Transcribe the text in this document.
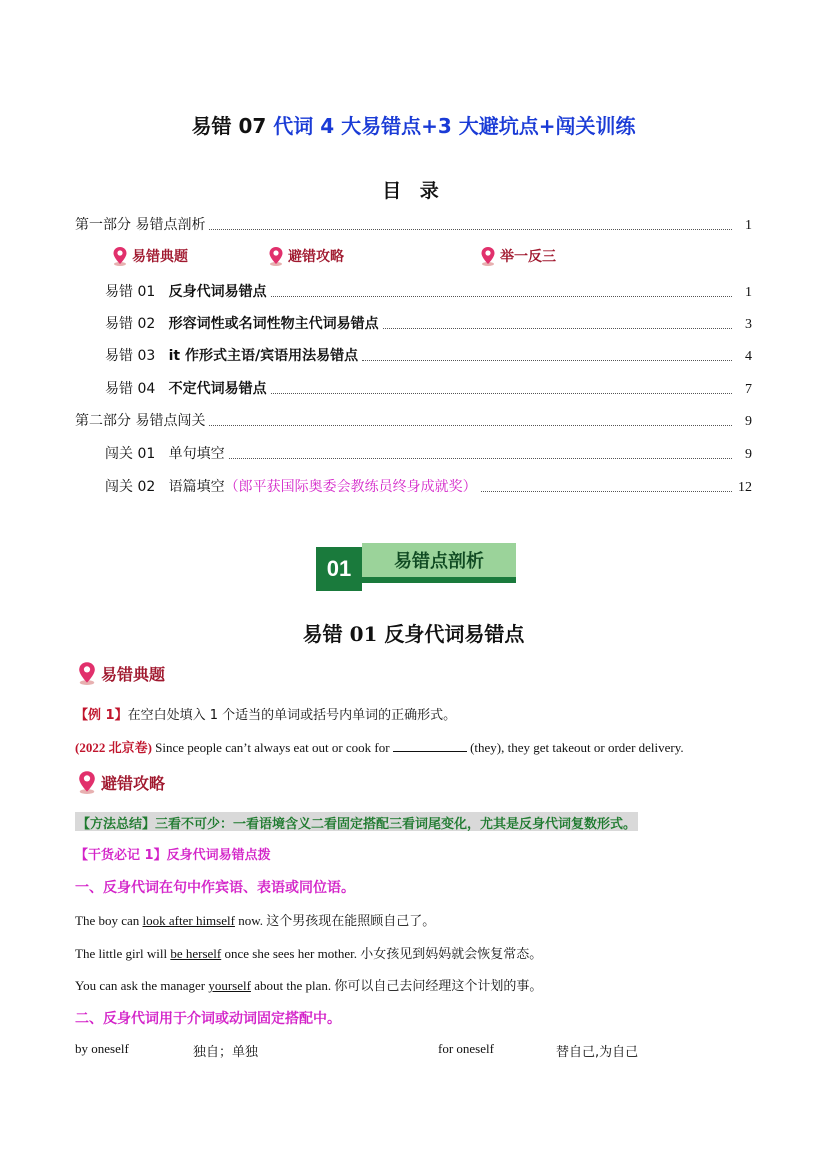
易错 07 代词 4 大易错点+3 大避坑点+闯关训练
目 录
第一部分 易错点剖析	1
易错典题	避错攻略	举一反三
易错 01 反身代词易错点	1
易错 02 形容词性或名词性物主代词易错点	3
易错 03 it 作形式主语/宾语用法易错点	4
易错 04 不定代词易错点	7
第二部分 易错点闯关	9
闯关 01 单句填空	9
闯关 02 语篇填空（郎平获国际奥委会教练员终身成就奖）	12
01	易错点剖析
易错 01 反身代词易错点
易错典题
【例 1】在空白处填入 1 个适当的单词或括号内单词的正确形式。
(2022 北京卷) Since people can’t always eat out or cook for	(they), they get takeout or order delivery.
避错攻略
【方法总结】三看不可少：一看语境含义二看固定搭配三看词尾变化，尤其是反身代词复数形式。
【干货必记 1】反身代词易错点拨
一、反身代词在句中作宾语、表语或同位语。
The boy can look after himself now. 这个男孩现在能照顾自己了。
The little girl will be herself once she sees her mother. 小女孩见到妈妈就会恢复常态。
You can ask the manager yourself about the plan. 你可以自己去问经理这个计划的事。
二、反身代词用于介词或动词固定搭配中。
by oneself	独自；单独	for oneself	替自己,为自己
